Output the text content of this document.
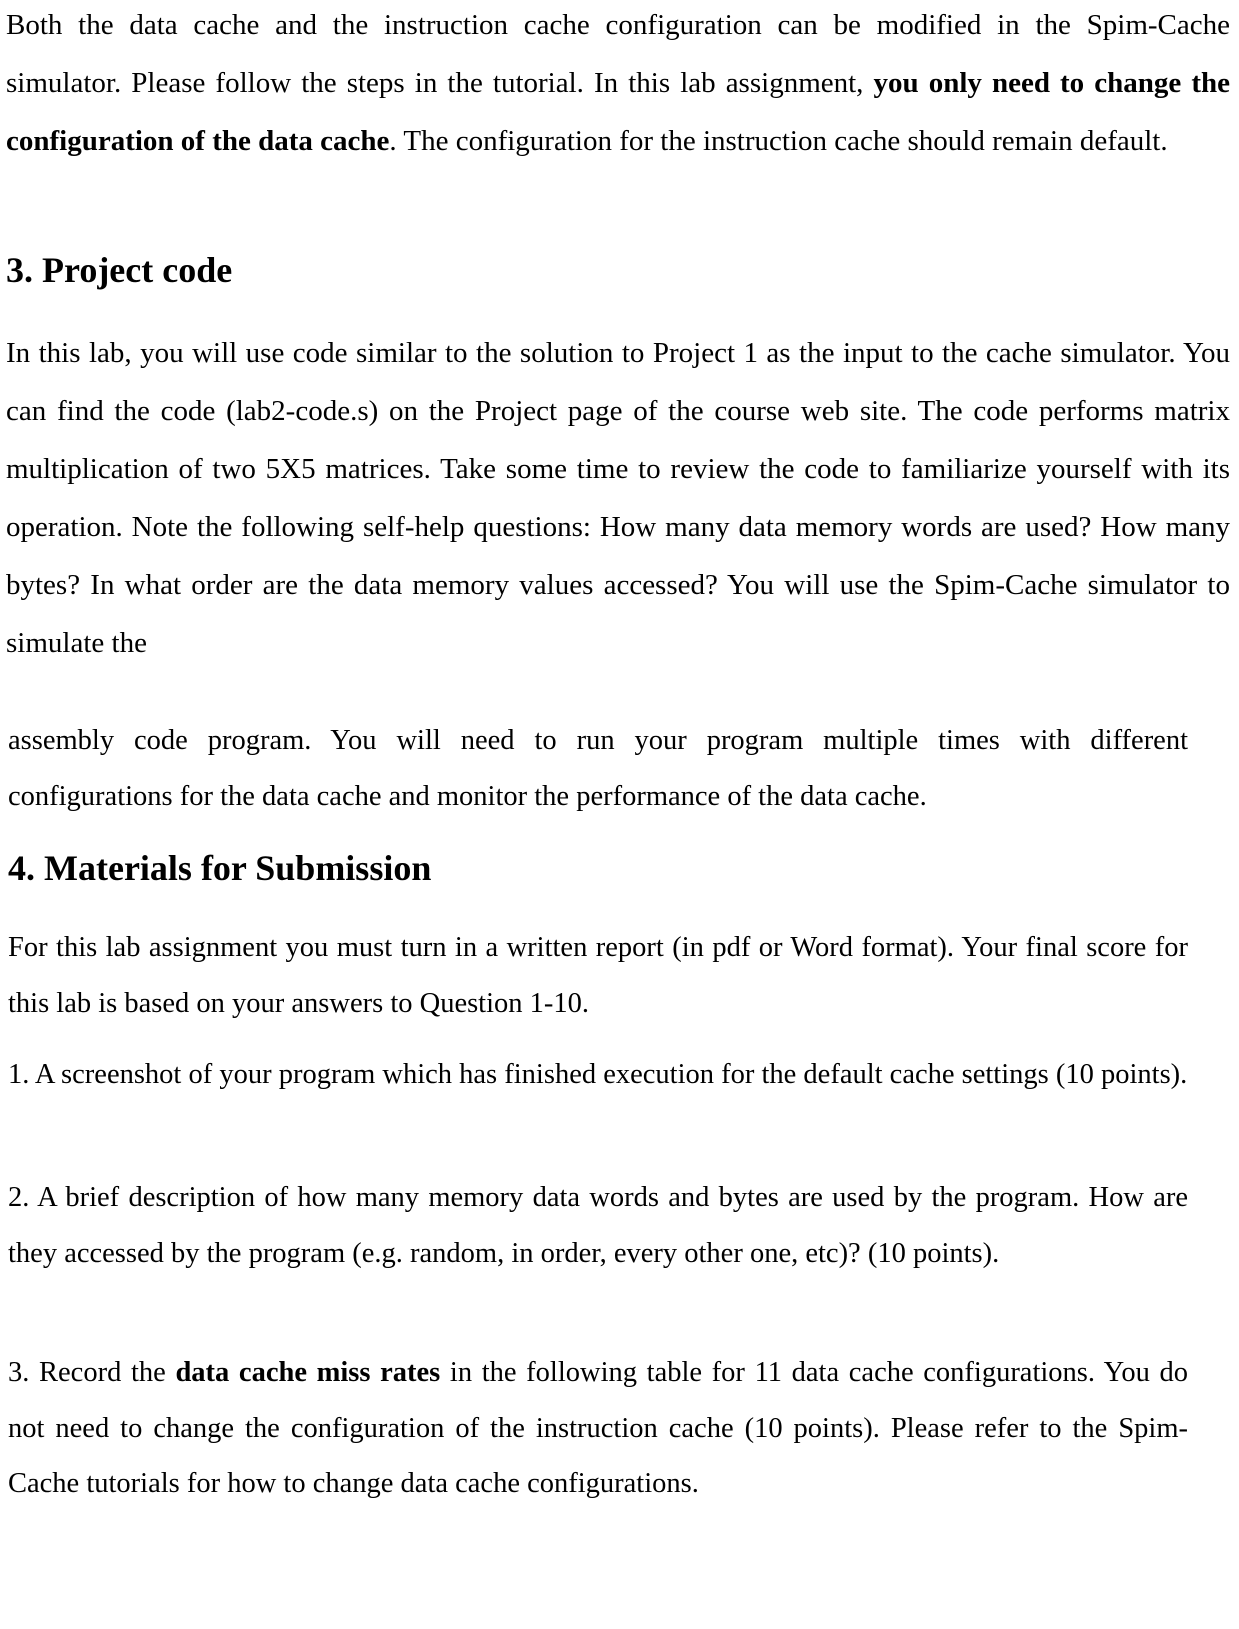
Both the data cache and the instruction cache configuration can be modified in the Spim-Cache simulator. Please follow the steps in the tutorial. In this lab assignment, you only need to change the configuration of the data cache. The configuration for the instruction cache should remain default.
3. Project code
In this lab, you will use code similar to the solution to Project 1 as the input to the cache simulator. You can find the code (lab2-code.s) on the Project page of the course web site. The code performs matrix multiplication of two 5X5 matrices. Take some time to review the code to familiarize yourself with its operation. Note the following self-help questions: How many data memory words are used? How many bytes? In what order are the data memory values accessed? You will use the Spim-Cache simulator to simulate the
assembly code program. You will need to run your program multiple times with different configurations for the data cache and monitor the performance of the data cache.
4. Materials for Submission
For this lab assignment you must turn in a written report (in pdf or Word format). Your final score for this lab is based on your answers to Question 1-10.
1. A screenshot of your program which has finished execution for the default cache settings (10 points).
2. A brief description of how many memory data words and bytes are used by the program. How are they accessed by the program (e.g. random, in order, every other one, etc)? (10 points).
3. Record the data cache miss rates in the following table for 11 data cache configurations. You do not need to change the configuration of the instruction cache (10 points). Please refer to the Spim-Cache tutorials for how to change data cache configurations.
